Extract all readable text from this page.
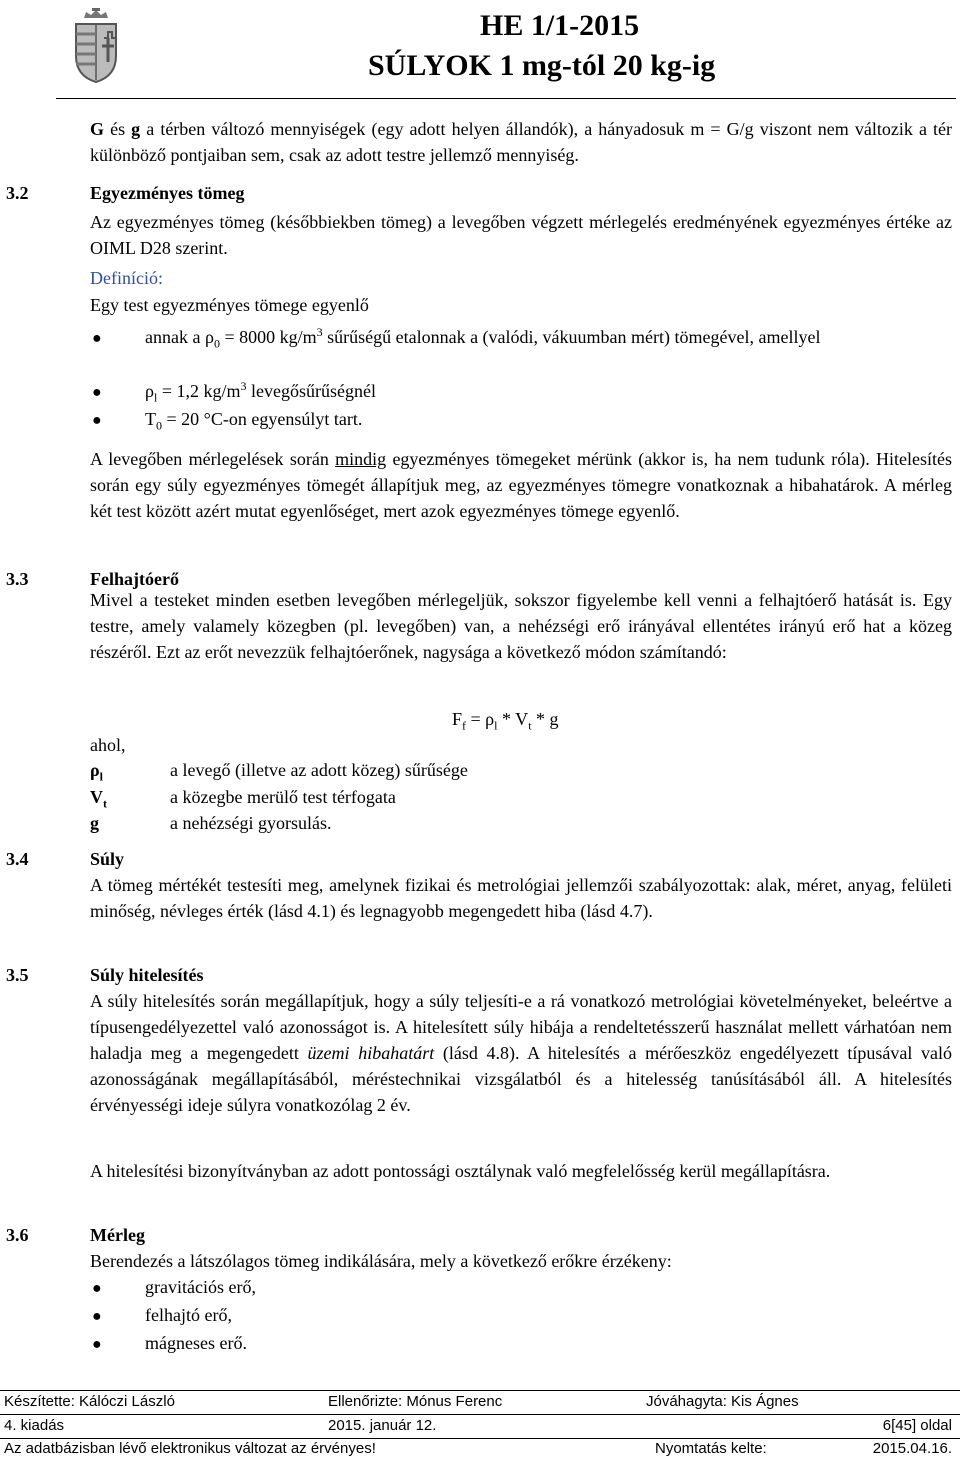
HE 1/1-2015
SÚLYOK 1 mg-tól 20 kg-ig
G és g a térben változó mennyiségek (egy adott helyen állandók), a hányadosuk m = G/g viszont nem változik a tér különböző pontjaiban sem, csak az adott testre jellemző mennyiség.
3.2	Egyezményes tömeg
Az egyezményes tömeg (későbbiekben tömeg) a levegőben végzett mérlegelés eredményének egyezményes értéke az OIML D28 szerint.
Definíció:
Egy test egyezményes tömege egyenlő
● annak a $\rho_0 = 8000$ $kg/m^3$ sűrűségű etalonnak a (valódi, vákuumban mért) tömegével, amellyel
● $\rho_l = 1,2$ $kg/m^3$ levegősűrűségnél
● $T_0 = 20$ °C-on egyensúlyt tart.
A levegőben mérlegelések során mindig egyezményes tömegeket mérünk (akkor is, ha nem tudunk róla). Hitelesítés során egy súly egyezményes tömegét állapítjuk meg, az egyezményes tömegre vonatkoznak a hibahatárok. A mérleg két test között azért mutat egyenlőséget, mert azok egyezményes tömege egyenlő.
3.3	Felhajtóerő
Mivel a testeket minden esetben levegőben mérlegeljük, sokszor figyelembe kell venni a felhajtóerő hatását is. Egy testre, amely valamely közegben (pl. levegőben) van, a nehézségi erő irányával ellentétes irányú erő hat a közeg részéről. Ezt az erőt nevezzük felhajtóerőnek, nagysága a következő módon számítandó:
$F_f = \rho_l * V_t * g$
ahol,
$\rho_l$	a levegő (illetve az adott közeg) sűrűsége
$V_t$	a közegbe merülő test térfogata
g	a nehézségi gyorsulás.
3.4	Súly
A tömeg mértékét testesíti meg, amelynek fizikai és metrológiai jellemzői szabályozottak: alak, méret, anyag, felületi minőség, névleges érték (lásd 4.1) és legnagyobb megengedett hiba (lásd 4.7).
3.5	Súly hitelesítés
A súly hitelesítés során megállapítjuk, hogy a súly teljesíti-e a rá vonatkozó metrológiai követelményeket, beleértve a típusengedélyezettel való azonosságot is. A hitelesített súly hibája a rendeltetésszerű használat mellett várhatóan nem haladja meg a megengedett üzemi hibahatárt (lásd 4.8). A hitelesítés a mérőeszköz engedélyezett típusával való azonosságának megállapításából, méréstechnikai vizsgálatból és a hitelesség tanúsításából áll. A hitelesítés érvényességi ideje súlyra vonatkozólag 2 év.
A hitelesítési bizonyítványban az adott pontossági osztálynak való megfelelősség kerül megállapításra.
3.6	Mérleg
Berendezés a látszólagos tömeg indikálására, mely a következő erőkre érzékeny:
● gravitációs erő,
● felhajtó erő,
● mágneses erő.
Készítette: Kálóczi László	Ellenőrizte: Mónus Ferenc	Jóváhagyta: Kis Ágnes
4. kiadás	2015. január 12.	6[45] oldal
Az adatbázisban lévő elektronikus változat az érvényes!	Nyomtatás kelte:	2015.04.16.
